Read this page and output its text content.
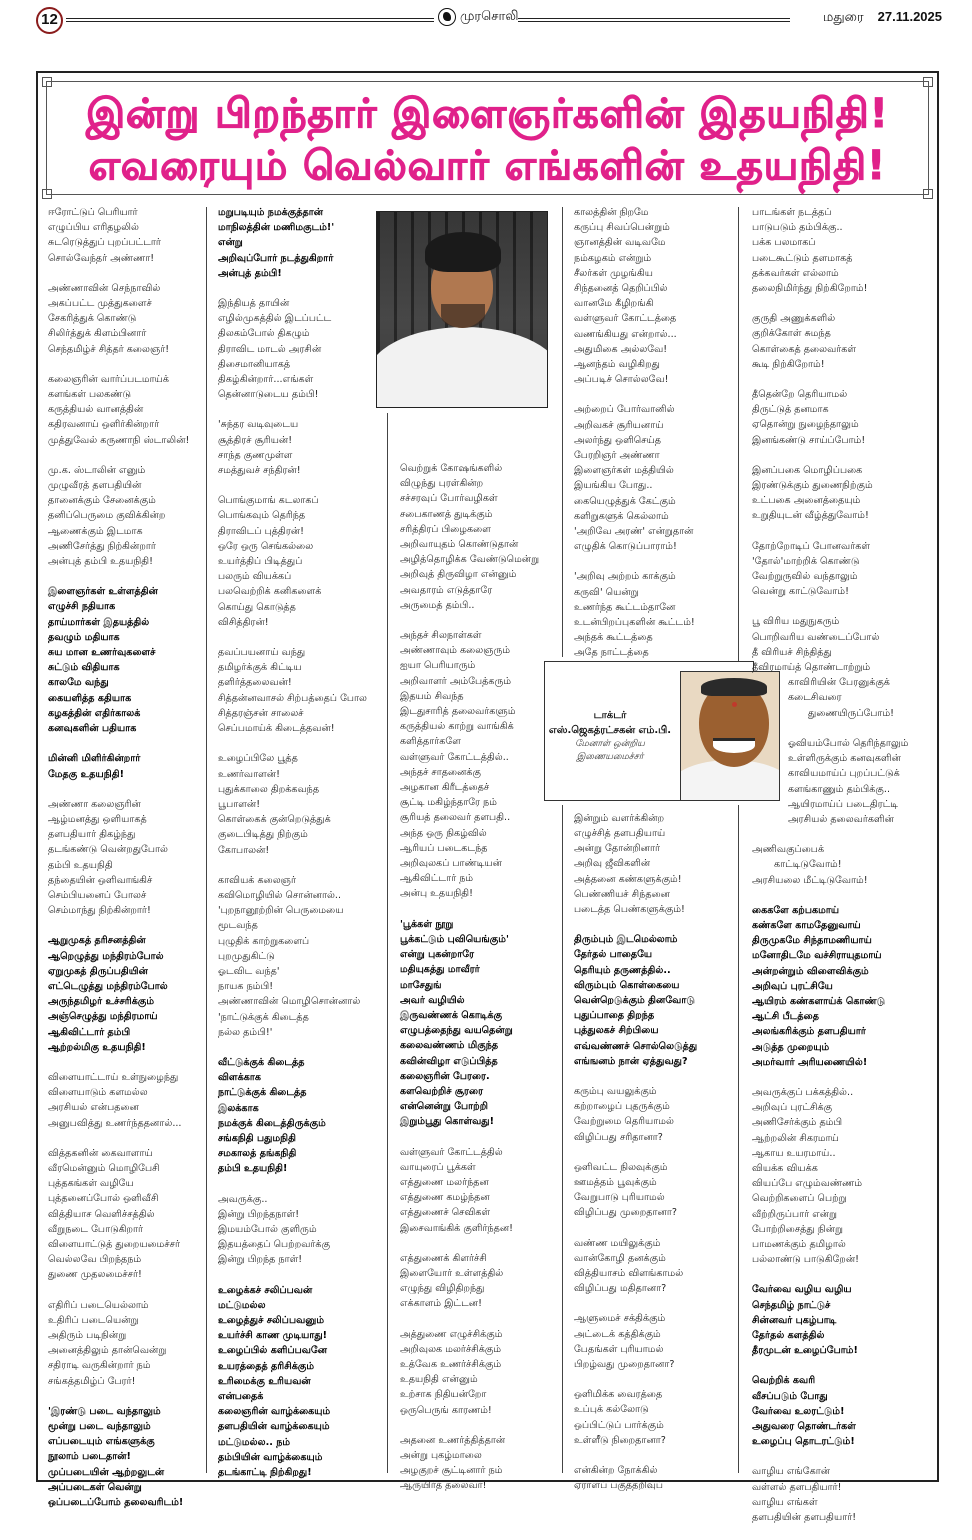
12	முரசொலி	மதுரை 27.11.2025
இன்று பிறந்தார் இளைஞர்களின் இதயநிதி!
எவரையும் வெல்வார் எங்களின் உதயநிதி!
டாக்டர்
எஸ்.ஜெகத்ரட்சகன் எம்.பி.
மேனாள் ஒன்றிய
இணையமைச்சர்
ஈரோட்டுப் பெரியார்
எழுப்பிய எரிதழலில்
சுடரெடுத்துப் புறப்பட்டார்
சொல்வேந்தர் அண்ணா!
அண்ணாவின் செந்நாவில்
அகப்பட்ட முத்துகளைச்
சேகரித்துக் கொண்டு
சிலிர்த்துக் கிளம்பினார்
செந்தமிழ்ச் சித்தர் கலைஞர்!
கலைஞரின் வார்ப்படமாய்க்
களங்கள் பலகண்டு
கருத்தியல் வானத்தின்
கதிரவனாய் ஒளிர்கின்றார்
முத்துவேல் கருணாநி ஸ்டாலின்!
மு.க. ஸ்டாலின் எனும்
முழுவீரத் தளபதியின்
தானைக்கும் சேனைக்கும்
தனிப்பெருமை குவிக்கின்ற
ஆணைக்கும் இடமாக
அணிசேர்த்து நிற்கின்றார்
அன்புத் தம்பி உதயநிதி!
இளைஞர்கள் உள்ளத்தின்
எழுச்சி நதியாக
தாய்மார்கள் இதயத்தில்
தவழும் மதியாக
சுய மான உணர்வுகளைச்
சுட்டும் விதியாக
காலமே வந்து
கையளித்த கதியாக
கழகத்தின் எதிர்காலக்
கனவுகளின் பதியாக
மின்னி மிளிர்கின்றார்
மேதகு உதயநிதி!
அண்ணா கலைஞரின்
ஆழ்மனத்து ஒளியாகத்
தளபதியார் திகழ்ந்து
தடங்கண்டு வென்றதுபோல்
தம்பி உதயநிதி
தந்தையின் ஒளிவாங்கிச்
செம்பியனைப் போலச்
செம்மாந்து நிற்கின்றார்!
ஆறுமுகத் தரிசனத்தின்
ஆறெழுத்து மந்திரம்போல்
ஏறுமுகத் திருப்பதியின்
எட்டெழுத்து மந்திரம்போல்
அருந்தமிழர் உச்சரிக்கும்
அஞ்செழுத்து மந்திரமாய்
ஆகிவிட்டார் தம்பி
ஆற்றல்மிகு உதயநிதி!
விளையாட்டாய் உள்நுழைந்து
விளையாடும் களமல்ல
அரசியல் என்பதனை
அனுபவித்து உணர்ந்ததனால்...
வித்தகனின் கைவாளாய்
வீரமென்னும் மொழிபேசி
புத்தகங்கள் வழியே
புத்தனைப்போல் ஒளிவீசி
வித்தியாச வெளிச்சத்தில்
வீறுநடை போடுகிறார்
விளையாட்டுத் துறையமைச்சர்
வெல்லவே பிறந்தநம்
துணை முதலமைச்சர்!
எதிரிப் படையெல்லாம்
உதிரிப் படையென்று
அதிரும் படிநின்று
அனைத்திலும் தான்வென்று
சதிராடி வருகின்றார் நம்
சங்கத்தமிழ்ப் பேரர்!
'இரண்டு படை வந்தாலும்
மூன்று படை வந்தாலும்
எப்படையும் எங்களுக்கு
நூலாம் படைதான்!
முப்படையின் ஆற்றலுடன்
அப்படைகள் வென்று
ஒப்படைப்போம் தலைவரிடம்!
மறுபடியும் நமக்குத்தான்
மாநிலத்தின் மணிமகுடம்!'
என்று
அறிவுப்போர் நடத்துகிறார்
அன்புத் தம்பி!
இந்தியத் தாயின்
எழில்முகத்தில் இடப்பட்ட
திலகம்போல் திகழும்
திராவிட மாடல் அரசின்
திசைமானியாகத்
திகழ்கின்றார்...எங்கள்
தென்னாடுடைய தம்பி!
'சுந்தர வடிவுடைய
சூத்திரச் சூரியன்!
சாந்த குணமுள்ள
சமத்துவச் சந்திரன்!
பொங்குமாங் கடலாகப்
பொங்கவும் தெரிந்த
திராவிடப் புத்திரன்!
ஒரே ஒரு செங்கல்லை
உயர்த்திப் பிடித்துப்
பலரும் வியக்கப்
பலவெற்றிக் கனிகளைக்
கொய்து கொடுத்த
விசித்திரன்!
தவப்பயனாய் வந்து
தமிழர்க்குக் கிட்டிய
தளிர்த்தலைவன்!
சித்தன்னவாசல் சிற்பத்தைப் போல
சித்தரஞ்சன் சாலைச்
செப்பமாய்க் கிடைத்தவன்!
உழைப்பிலே பூத்த
உணர்வாளன்!
புதுக்காலை திறக்கவந்த
பூபாளன்!
கொள்கைக் குன்றெடுத்துக்
குடைபிடித்து நிற்கும்
கோபாலன்!
காவியக் கலைஞர்
கவிமொழியில் சொன்னால்..
'புறநானூற்றின் பெருமையை
மூடவந்த
புழுதிக் காற்றுகளைப்
புறமுதுகிட்டு
ஓடவிட வந்த'
நாயக நம்பி!
அண்ணாவின் மொழிசொன்னால்
'நாட்டுக்குக் கிடைத்த
நல்ல தம்பி!'
வீட்டுக்குக் கிடைத்த
விளக்காக
நாட்டுக்குக் கிடைத்த
இலக்காக
நமக்குக் கிடைத்திருக்கும்
சங்கநிதி பதுமநிதி
சமகாலத் தங்கநிதி
தம்பி உதயநிதி!
அவருக்கு..
இன்று பிறந்தநாள்!
இமயம்போல் குளிரும்
இதயத்தைப் பெற்றவர்க்கு
இன்று பிறந்த நாள்!
உழைக்கச் சலிப்பவன்
மட்டுமல்ல
உழைத்துச் சலிப்பவனும்
உயர்ச்சி காண முடியாது!
உழைப்பில் களிப்பவனே
உயரத்தைத் தரிசிக்கும்
உரிமைக்கு உரியவன்
என்பதைக்
கலைஞரின் வாழ்க்கையும்
தளபதியின் வாழ்க்கையும்
மட்டுமல்ல.. நம்
தம்பியின் வாழ்க்கையும்
தடங்காட்டி நிற்கிறது!
வெற்றுக் கோஷங்களில்
விழுந்து புரள்கின்ற
சச்சரவுப் போர்வழிகள்
சபைகாணத் துடிக்கும்
சரித்திரப் பிழைகளை
அறிவாயுதம் கொண்டுதான்
அழித்தொழிக்க வேண்டுமென்று
அறிவுத் திருவிழா என்னும்
அவதாரம் எடுத்தாரே
அருமைத் தம்பி..
அந்தச் சிலநாள்கள்
அண்ணாவும் கலைஞரும்
ஐயா பெரியாரும்
அறிவாளர் அம்பேத்கரும்
இதயம் சிவந்த
இடதுசாரித் தலைவர்களும்
கருத்தியல் காற்று வாங்கிக்
களித்தார்களே
வள்ளுவர் கோட்டத்தில்..
அந்தச் சாதனைக்கு
அழகான கிரீடத்தைச்
சூட்டி மகிழ்ந்தாரே நம்
சூரியத் தலைவர் தளபதி..
அந்த ஒரு நிகழ்வில்
ஆரியப் படைகடந்த
அறிவுலகப் பாண்டியன்
ஆகிவிட்டார் நம்
அன்பு உதயநிதி!
'பூக்கள் நூறு
பூக்கட்டும் புவியெங்கும்'
என்று புகன்றாரே
மதியுகத்து மாவீரர்
மாசேதுங்
அவர் வழியில்
இருவண்ணக் கொடிக்கு
எழுபத்தைந்து வயதென்று
கலைவண்ணம் மிகுந்த
கவின்விழா எடுப்பித்த
கலைஞரின் பேரரை.
களவெற்றிச் சூரரை
என்னென்று போற்றி
இறும்பூது கொள்வது!
வள்ளுவர் கோட்டத்தில்
வாயுரைப் பூக்கள்
எத்துணை மலர்ந்தன
எத்துணை கமழ்ந்தன
எத்துணைச் செவிகள்
இசைவாங்கிக் குளிர்ந்தன!
எத்துணைக் கிளர்ச்சி
இளையோர் உள்ளத்தில்
எழுந்து விழிதிறந்து
எக்காளம் இட்டன!
அத்துணை எழுச்சிக்கும்
அறிவுலக மலர்ச்சிக்கும்
உத்வேக உணர்ச்சிக்கும்
உதயநிதி என்னும்
உற்சாக நிதியன்றோ
ஒருபெருங் காரணம்!
அதனை உணர்த்தித்தான்
அன்று புகழ்மாலை
அழகுறச் சூட்டினார் நம்
ஆருயிர்த் தலைவர்!
காலத்தின் நிறமே
கருப்பு சிவப்பென்றும்
ஞானத்தின் வடிவமே
நம்கழகம் என்றும்
சீலர்கள் முழங்கிய
சிந்தனைத் தெறிப்பில்
வானமே கீழிறங்கி
வள்ளுவர் கோட்டத்தை
வணங்கியது என்றால்...
அதுமிகை அல்லவே!
ஆனந்தம் வழிகிறது
அப்படிச் சொல்லவே!
அற்றைப் போர்வானில்
அறிவகச் சூரியனாய்
அலர்ந்து ஒளிசெய்த
பேரறிஞர் அண்ணா
இளைஞர்கள் மத்தியில்
இயங்கிய போது..
கையெழுத்துக் கேட்கும்
களிறுகளுக் கெல்லாம்
'அறிவே அரண்' என்றுதான்
எழுதிக் கொடுப்பாராம்!
'அறிவு அற்றம் காக்கும்
கருவி' யென்று
உணர்ந்த கூட்டம்தானே
உடன்பிறப்புகளின் கூட்டம்!
அந்தக் கூட்டத்தை
அதே நாட்டத்தை
இன்றும் வளர்க்கின்ற
எழுச்சித் தளபதியாய்
அன்று தோன்றினார்
அறிவு ஜீவிகளின்
அத்தனை கண்களுக்கும்!
பெண்ணியச் சிந்தனை
படைத்த பெண்களுக்கும்!
திரும்பும் இடமெல்லாம்
தேர்தல் பாதையே
தெரியும் தருணத்தில்..
விரும்பும் கொள்கையை
வென்றெடுக்கும் தினவோடு
புதுப்பாதை திறந்த
புத்துலகச் சிற்பியை
எவ்வண்ணச் சொல்லெடுத்து
எங்ஙனம் நான் ஏத்துவது?
கரும்பு வயலுக்கும்
கற்றாழைப் புதருக்கும்
வேற்றுமை தெரியாமல்
விழிப்பது சரிதானா?
ஒளிவட்ட நிலவுக்கும்
ஊமத்தம் பூவுக்கும்
வேறுபாடு புரியாமல்
விழிப்பது முறைதானா?
வண்ண மயிலுக்கும்
வான்கோழி தனக்கும்
வித்தியாசம் விளங்காமல்
விழிப்பது மதிதானா?
ஆளுமைச் சக்திக்கும்
அட்டைக் கத்திக்கும்
பேதங்கள் புரியாமல்
பிறழ்வது முறைதானா?
ஒளிமிக்க வைரத்தை
உப்புக் கல்லோடு
ஒப்பிட்டுப் பார்க்கும்
உள்ளீடு நிறைதானா?
என்கின்ற நோக்கில்
ஏராளப் பகுத்தறிவுப்
பாடங்கள் நடத்தப்
பாடுபடும் தம்பிக்கு..
பக்க பலமாகப்
படைகூட்டும் தளமாகத்
தக்கவர்கள் எல்லாம்
தலைநிமிர்ந்து நிற்கிறோம்!
குருதி அணுக்களில்
குறிக்கோள் சுமந்த
கொள்கைத் தலைவர்கள்
கூடி நிற்கிறோம்!
தீதென்றே தெரியாமல்
திருட்டுத் தனமாக
ஏதொன்று நுழைந்தாலும்
இனங்கண்டு சாய்ப்போம்!
இனப்பகை மொழிப்பகை
இரண்டுக்கும் துணைநிற்கும்
உட்பகை அனைத்தையும்
உறுதியுடன் வீழ்த்துவோம்!
தோற்றோடிப் போனவர்கள்
'தோல்'மாற்றிக் கொண்டு
வேற்றுருவில் வந்தாலும்
வென்று காட்டுவோம்!
பூ விரிய மதுநுகரும்
பொறிவரிய வண்டைப்போல்
தீ விரியச் சிந்தித்து
தீவிரமாய்த் தொண்டாற்றும்
காவிரியின் பேரனுக்குக்
கடைசிவரை
துணையிருப்போம்!
ஓவியம்போல் தெரிந்தாலும்
உள்ளிருக்கும் கனவுகளின்
காவியமாய்ப் புறப்பட்டுக்
களங்காணும் தம்பிக்கு..
ஆயிரமாய்ப் படைதிரட்டி
அரசியல் தலைவர்களின்
அணிவகுப்பைக்
காட்டிடுவோம்!
அரசியலை மீட்டிடுவோம்!
கைகளே கற்பகமாய்
கண்களே காமதேனுவாய்
திருமுகமே சிந்தாமணியாய்
மனோதிடமே வச்சிராயுதமாய்
அன்றன்றும் விளைவிக்கும்
அறிவுப் புரட்சியே
ஆயிரம் கண்களாய்க் கொண்டு
ஆட்சி பீடத்தை
அலங்கரிக்கும் தளபதியார்
அடுத்த முறையும்
அமர்வார் அரியணையில்!
அவருக்குப் பக்கத்தில்..
அறிவுப் புரட்சிக்கு
அணிசேர்க்கும் தம்பி
ஆற்றலின் சிகரமாய்
ஆகாய உயரமாய்..
வியக்க வியக்க
வியப்பே எழும்வண்ணம்
வெற்றிகளைப் பெற்று
வீற்றிருப்பார் என்று
போற்றிசைத்து நின்று
பாமணக்கும் தமிழால்
பல்லாண்டு பாடுகிறேன்!
வேர்வை வழிய வழிய
செந்தமிழ் நாட்டுச்
சின்னவர் புகழ்பாடி
தேர்தல் களத்தில்
தீரமுடன் உழைப்போம்!
வெற்றிக் கவரி
வீசப்படும் போது
வேர்வை உலரட்டும்!
அதுவரை தொண்டர்கள்
உழைப்பு தொடரட்டும்!
வாழிய எங்கோன்
வள்ளல் தளபதியார்!
வாழிய எங்கள்
தளபதியின் தளபதியார்!
